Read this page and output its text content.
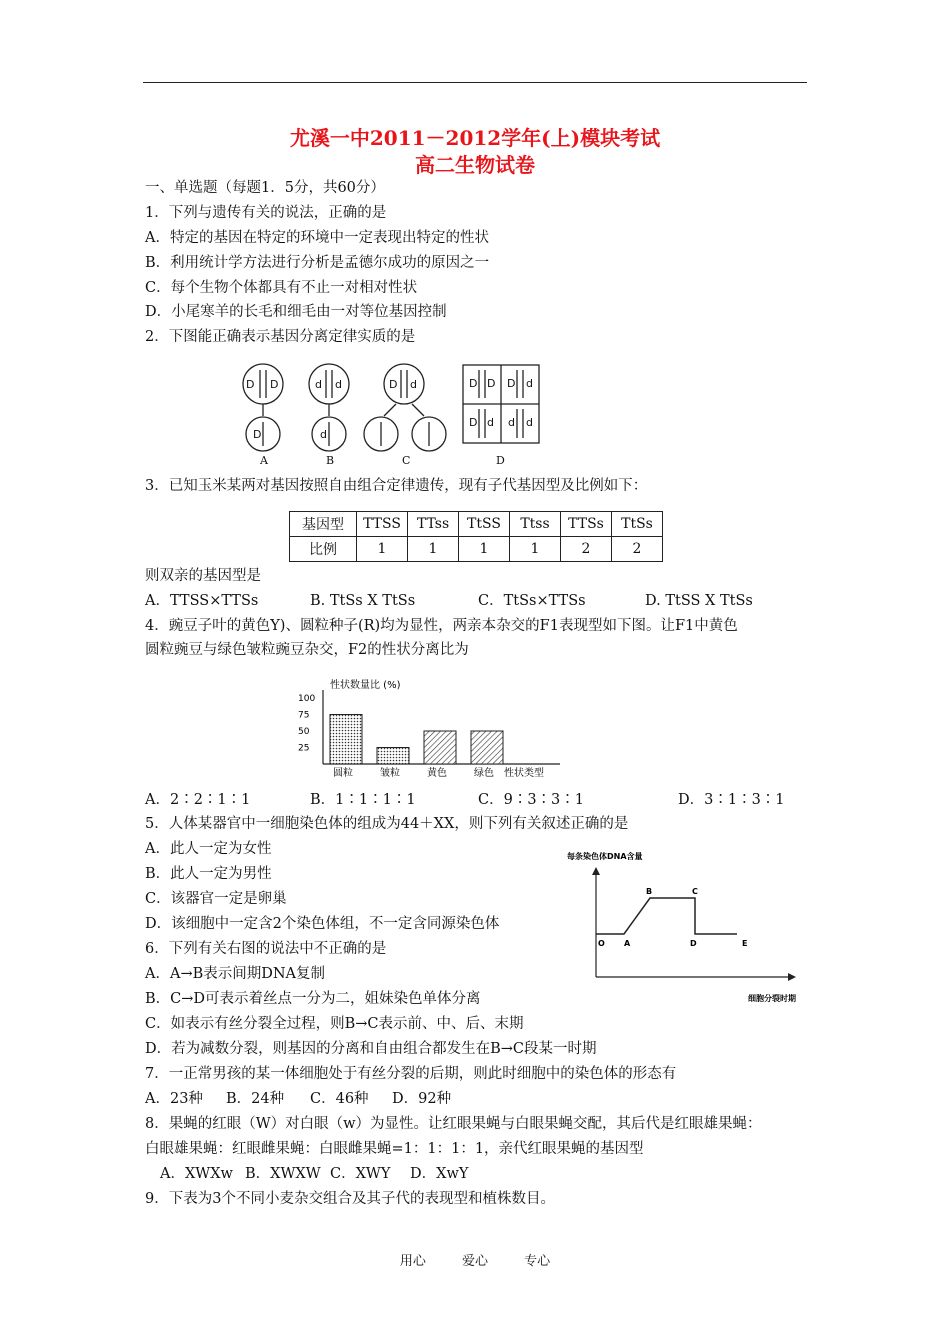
尤溪一中2011－2012学年(上)模块考试
高二生物试卷
一、单选题（每题1．5分，共60分）
1．下列与遗传有关的说法，正确的是
A．特定的基因在特定的环境中一定表现出特定的性状
B．利用统计学方法进行分析是孟德尔成功的原因之一
C．每个生物个体都具有不止一对相对性状
D．小尾寒羊的长毛和细毛由一对等位基因控制
2．下图能正确表示基因分离定律实质的是
D D
D
d d
d
D d	D D D d
D d d d
A	B	C	D
3．已知玉米某两对基因按照自由组合定律遗传，现有子代基因型及比例如下：
基因型	TTSS	TTss	TtSS	Ttss	TTSs	TtSs
比例	1	1	1	1	2	2
则双亲的基因型是
A．TTSS×TTSs	B. TtSs X TtSs	C．TtSs×TTSs	D. TtSS X TtSs
4．豌豆子叶的黄色Y)、圆粒种子(R)均为显性，两亲本杂交的F1表现型如下图。让F1中黄色
圆粒豌豆与绿色皱粒豌豆杂交，F2的性状分离比为
性状数量比 (%)
100
75
50
25
圆粒	皱粒	黄色	绿色 性状类型
A．2∶2∶1∶1	B．1∶1∶1∶1	C．9∶3∶3∶1	D．3∶1∶3∶1
5．人体某器官中一细胞染色体的组成为44＋XX，则下列有关叙述正确的是
A．此人一定为女性
B．此人一定为男性
C．该器官一定是卵巢
D．该细胞中一定含2个染色体组，不一定含同源染色体
每条染色体DNA含量
O A
B	C
D	E
细胞分裂时期
6．下列有关右图的说法中不正确的是
A．A→B表示间期DNA复制
B．C→D可表示着丝点一分为二，姐妹染色单体分离
C．如表示有丝分裂全过程，则B→C表示前、中、后、末期
D．若为减数分裂，则基因的分离和自由组合都发生在B→C段某一时期
7．一正常男孩的某一体细胞处于有丝分裂的后期，则此时细胞中的染色体的形态有
A．23种 B．24种 C．46种 D．92种
8．果蝇的红眼（W）对白眼（w）为显性。让红眼果蝇与白眼果蝇交配，其后代是红眼雄果蝇：
白眼雄果蝇：红眼雌果蝇：白眼雌果蝇=1：1：1：1，亲代红眼果蝇的基因型
A．XWXw B．XWXW C．XWY D．XwY
9．下表为3个不同小麦杂交组合及其子代的表现型和植株数目。
用心	爱心	专心
